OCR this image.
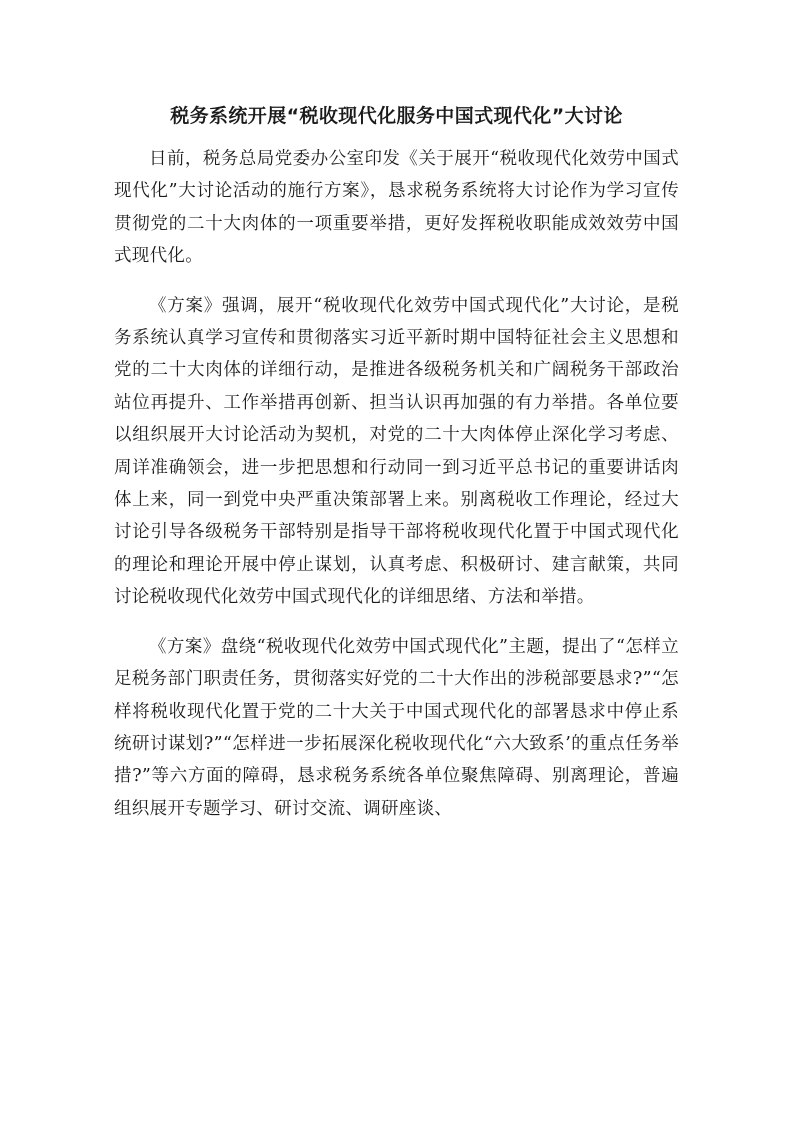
税务系统开展“税收现代化服务中国式现代化”大讨论

日前，税务总局党委办公室印发《关于展开“税收现代化效劳中国式现代化”大讨论活动的施行方案》，恳求税务系统将大讨论作为学习宣传贯彻党的二十大肉体的一项重要举措，更好发挥税收职能成效效劳中国式现代化。

《方案》强调，展开“税收现代化效劳中国式现代化”大讨论，是税务系统认真学习宣传和贯彻落实习近平新时期中国特征社会主义思想和党的二十大肉体的详细行动，是推进各级税务机关和广阔税务干部政治站位再提升、工作举措再创新、担当认识再加强的有力举措。各单位要以组织展开大讨论活动为契机，对党的二十大肉体停止深化学习考虑、周详准确领会，进一步把思想和行动同一到习近平总书记的重要讲话肉体上来，同一到党中央严重决策部署上来。别离税收工作理论，经过大讨论引导各级税务干部特别是指导干部将税收现代化置于中国式现代化的理论和理论开展中停止谋划，认真考虑、积极研讨、建言献策，共同讨论税收现代化效劳中国式现代化的详细思绪、方法和举措。

《方案》盘绕“税收现代化效劳中国式现代化”主题，提出了“怎样立足税务部门职责任务，贯彻落实好党的二十大作出的涉税部要恳求?”“怎样将税收现代化置于党的二十大关于中国式现代化的部署恳求中停止系统研讨谋划?”“怎样进一步拓展深化税收现代化“六大致系’的重点任务举措?”等六方面的障碍，恳求税务系统各单位聚焦障碍、别离理论，普遍组织展开专题学习、研讨交流、调研座谈、
